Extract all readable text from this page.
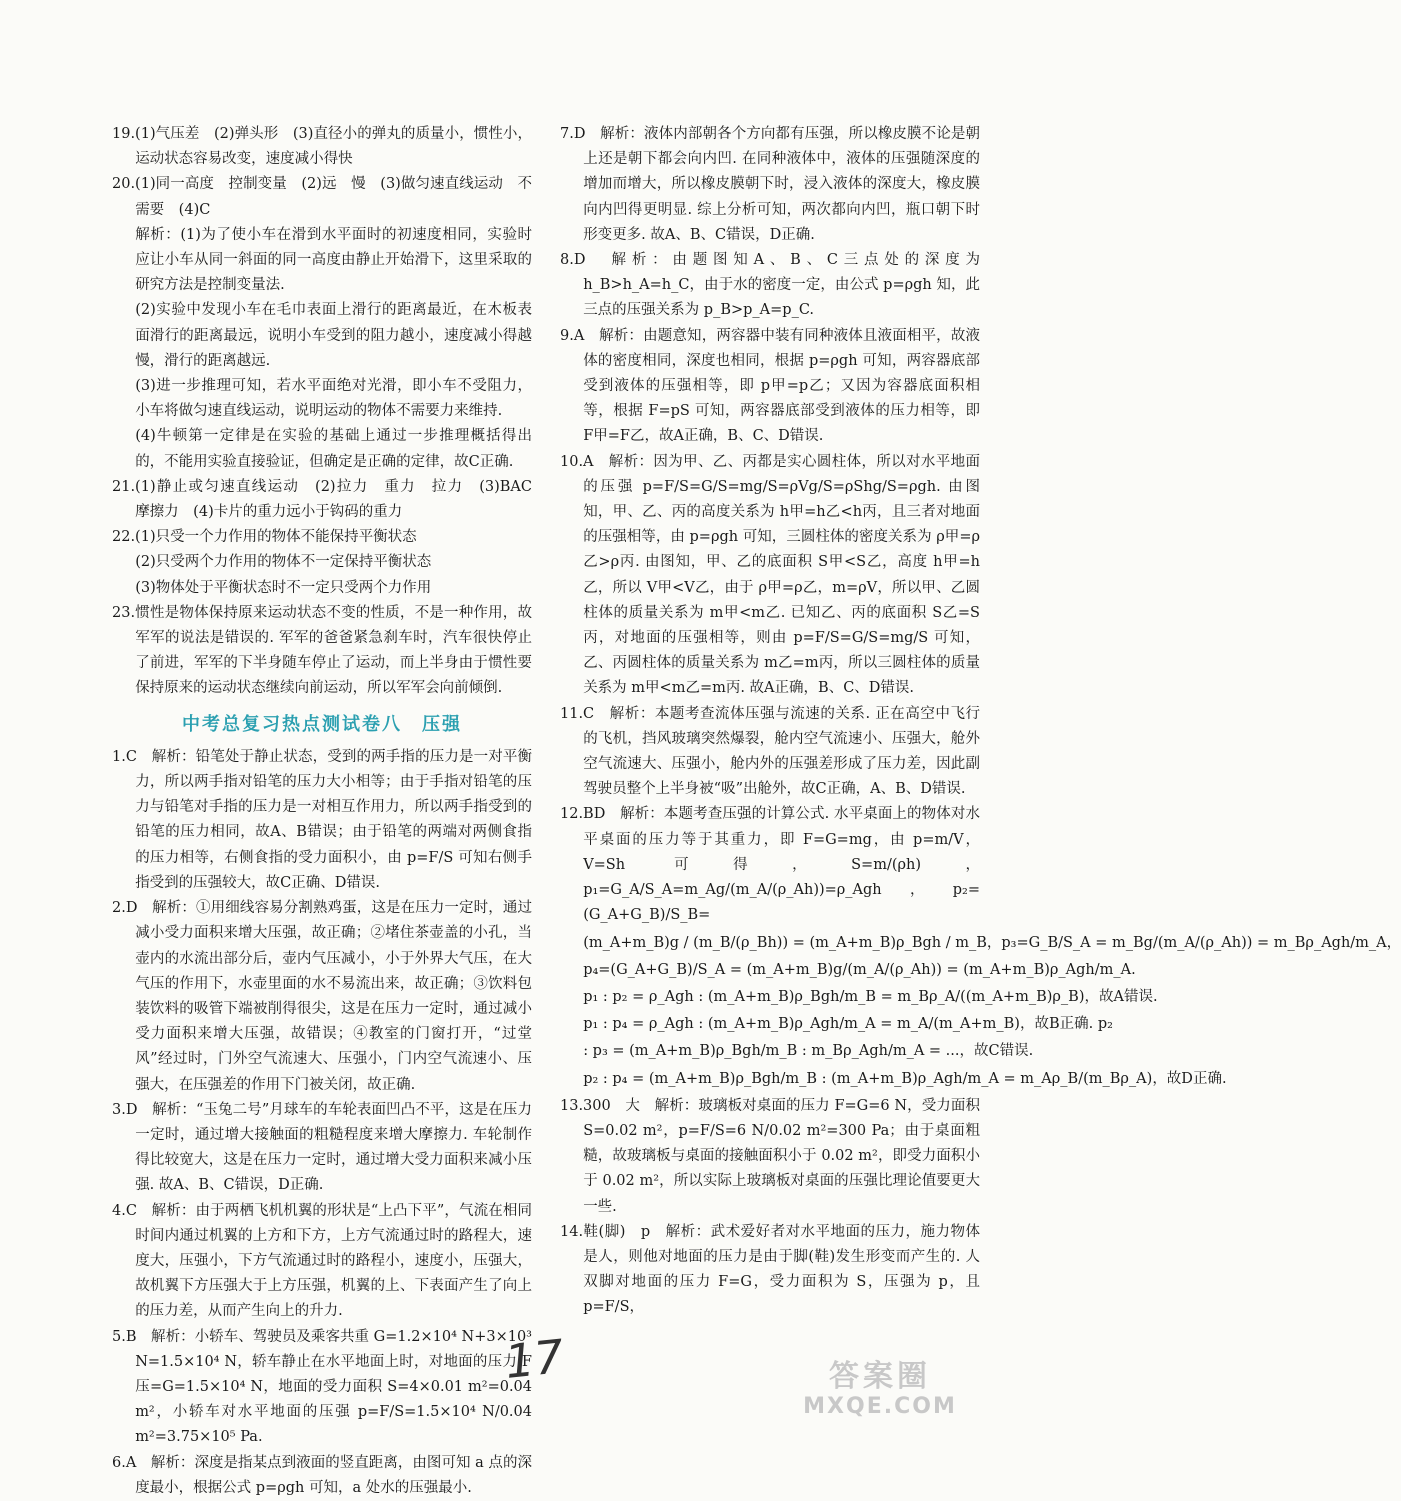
19.(1)气压差　(2)弹头形　(3)直径小的弹丸的质量小，惯性小，运动状态容易改变，速度减小得快

20.(1)同一高度　控制变量　(2)远　慢　(3)做匀速直线运动　不需要　(4)C

解析：(1)为了使小车在滑到水平面时的初速度相同，实验时应让小车从同一斜面的同一高度由静止开始滑下，这里采取的研究方法是控制变量法.

(2)实验中发现小车在毛巾表面上滑行的距离最近，在木板表面滑行的距离最远，说明小车受到的阻力越小，速度减小得越慢，滑行的距离越远.

(3)进一步推理可知，若水平面绝对光滑，即小车不受阻力，小车将做匀速直线运动，说明运动的物体不需要力来维持.

(4)牛顿第一定律是在实验的基础上通过一步推理概括得出的，不能用实验直接验证，但确定是正确的定律，故C正确.

21.(1)静止或匀速直线运动　(2)拉力　重力　拉力　(3)BAC　摩擦力　(4)卡片的重力远小于钩码的重力

22.(1)只受一个力作用的物体不能保持平衡状态

(2)只受两个力作用的物体不一定保持平衡状态

(3)物体处于平衡状态时不一定只受两个力作用

23.惯性是物体保持原来运动状态不变的性质，不是一种作用，故军军的说法是错误的. 军军的爸爸紧急刹车时，汽车很快停止了前进，军军的下半身随车停止了运动，而上半身由于惯性要保持原来的运动状态继续向前运动，所以军军会向前倾倒.

中考总复习热点测试卷八　压强

1.C　解析：铅笔处于静止状态，受到的两手指的压力是一对平衡力，所以两手指对铅笔的压力大小相等；由于手指对铅笔的压力与铅笔对手指的压力是一对相互作用力，所以两手指受到的铅笔的压力相同，故A、B错误；由于铅笔的两端对两侧食指的压力相等，右侧食指的受力面积小，由 p=F/S 可知右侧手指受到的压强较大，故C正确、D错误.

2.D　解析：①用细线容易分割熟鸡蛋，这是在压力一定时，通过减小受力面积来增大压强，故正确；②堵住茶壶盖的小孔，当壶内的水流出部分后，壶内气压减小，小于外界大气压，在大气压的作用下，水壶里面的水不易流出来，故正确；③饮料包装饮料的吸管下端被削得很尖，这是在压力一定时，通过减小受力面积来增大压强，故错误；④教室的门窗打开，“过堂风”经过时，门外空气流速大、压强小，门内空气流速小、压强大，在压强差的作用下门被关闭，故正确.

3.D　解析：“玉兔二号”月球车的车轮表面凹凸不平，这是在压力一定时，通过增大接触面的粗糙程度来增大摩擦力. 车轮制作得比较宽大，这是在压力一定时，通过增大受力面积来减小压强. 故A、B、C错误，D正确.

4.C　解析：由于两栖飞机机翼的形状是“上凸下平”，气流在相同时间内通过机翼的上方和下方，上方气流通过时的路程大，速度大，压强小，下方气流通过时的路程小，速度小，压强大，故机翼下方压强大于上方压强，机翼的上、下表面产生了向上的压力差，从而产生向上的升力.

5.B　解析：小轿车、驾驶员及乘客共重 G=1.2×10⁴ N+3×10³ N=1.5×10⁴ N，轿车静止在水平地面上时，对地面的压力 F压=G=1.5×10⁴ N，地面的受力面积 S=4×0.01 m²=0.04 m²，小轿车对水平地面的压强 p=F/S=1.5×10⁴ N/0.04 m²=3.75×10⁵ Pa.

6.A　解析：深度是指某点到液面的竖直距离，由图可知 a 点的深度最小，根据公式 p=ρgh 可知，a 处水的压强最小.

7.D　解析：液体内部朝各个方向都有压强，所以橡皮膜不论是朝上还是朝下都会向内凹. 在同种液体中，液体的压强随深度的增加而增大，所以橡皮膜朝下时，浸入液体的深度大，橡皮膜向内凹得更明显. 综上分析可知，两次都向内凹，瓶口朝下时形变更多. 故A、B、C错误，D正确.

8.D　解析：由题图知A、B、C三点处的深度为 h_B>h_A=h_C，由于水的密度一定，由公式 p=ρgh 知，此三点的压强关系为 p_B>p_A=p_C.

9.A　解析：由题意知，两容器中装有同种液体且液面相平，故液体的密度相同，深度也相同，根据 p=ρgh 可知，两容器底部受到液体的压强相等，即 p甲=p乙；又因为容器底面积相等，根据 F=pS 可知，两容器底部受到液体的压力相等，即 F甲=F乙，故A正确，B、C、D错误.

10.A　解析：因为甲、乙、丙都是实心圆柱体，所以对水平地面的压强 p=F/S=G/S=mg/S=ρVg/S=ρShg/S=ρgh. 由图知，甲、乙、丙的高度关系为 h甲=h乙<h丙，且三者对地面的压强相等，由 p=ρgh 可知，三圆柱体的密度关系为 ρ甲=ρ乙>ρ丙. 由图知，甲、乙的底面积 S甲<S乙，高度 h甲=h乙，所以 V甲<V乙，由于 ρ甲=ρ乙，m=ρV，所以甲、乙圆柱体的质量关系为 m甲<m乙. 已知乙、丙的底面积 S乙=S丙，对地面的压强相等，则由 p=F/S=G/S=mg/S 可知，乙、丙圆柱体的质量关系为 m乙=m丙，所以三圆柱体的质量关系为 m甲<m乙=m丙. 故A正确，B、C、D错误.

11.C　解析：本题考查流体压强与流速的关系. 正在高空中飞行的飞机，挡风玻璃突然爆裂，舱内空气流速小、压强大，舱外空气流速大、压强小，舱内外的压强差形成了压力差，因此副驾驶员整个上半身被“吸”出舱外，故C正确，A、B、D错误.

12.BD　解析：本题考查压强的计算公式. 水平桌面上的物体对水平桌面的压力等于其重力，即 F=G=mg，由 p=m/V，V=Sh 可得，S=m/(ρh)，p₁=G_A/S_A=m_Ag/(m_A/(ρ_Ah))=ρ_Agh，p₂=(G_A+G_B)/S_B=

(m_A+m_B)g / (m_B/(ρ_Bh)) = (m_A+m_B)ρ_Bgh / m_B，p₃=G_B/S_A = m_Bg/(m_A/(ρ_Ah)) = m_Bρ_Agh/m_A，
p₄=(G_A+G_B)/S_A = (m_A+m_B)g/(m_A/(ρ_Ah)) = (m_A+m_B)ρ_Agh/m_A.
p₁ : p₂ = ρ_Agh : (m_A+m_B)ρ_Bgh/m_B = m_Bρ_A/((m_A+m_B)ρ_B)，故A错误.
p₁ : p₄ = ρ_Agh : (m_A+m_B)ρ_Agh/m_A = m_A/(m_A+m_B)，故B正确. p₂
: p₃ = (m_A+m_B)ρ_Bgh/m_B : m_Bρ_Agh/m_A = ...，故C错误.
p₂ : p₄ = (m_A+m_B)ρ_Bgh/m_B : (m_A+m_B)ρ_Agh/m_A = m_Aρ_B/(m_Bρ_A)，故D正确.

13.300　大　解析：玻璃板对桌面的压力 F=G=6 N，受力面积 S=0.02 m²，p=F/S=6 N/0.02 m²=300 Pa；由于桌面粗糙，故玻璃板与桌面的接触面积小于 0.02 m²，即受力面积小于 0.02 m²，所以实际上玻璃板对桌面的压强比理论值要更大一些.

14.鞋(脚)　p　解析：武术爱好者对水平地面的压力，施力物体是人，则他对地面的压力是由于脚(鞋)发生形变而产生的. 人双脚对地面的压力 F=G，受力面积为 S，压强为 p，且 p=F/S，

17	答案圈
MXQE.COM
